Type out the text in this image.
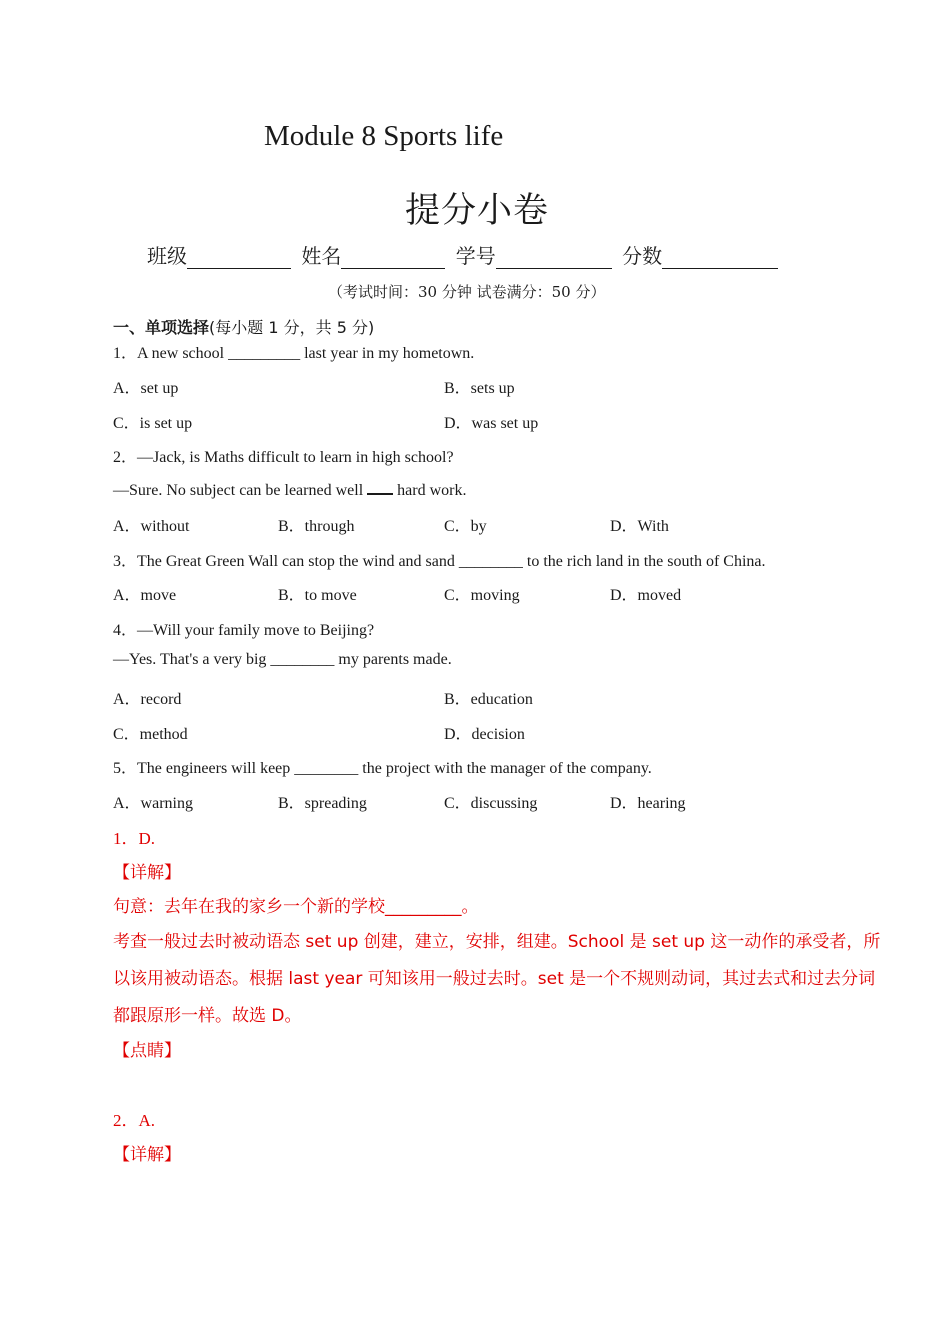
Module 8 Sports life
提分小卷
班级	姓名	学号	分数
（考试时间：30 分钟 试卷满分：50 分）
一、单项选择(每小题 1 分，共 5 分)
1．A new school _________ last year in my hometown.
A．set up	B．sets up
C．is set up	D．was set up
2．—Jack, is Maths difficult to learn in high school?
—Sure. No subject can be learned well  hard work.
A．without	B．through	C．by	D．With
3．The Great Green Wall can stop the wind and sand ________ to the rich land in the south of China.
A．move	B．to move	C．moving	D．moved
4．—Will your family move to Beijing?
—Yes. That's a very big ________ my parents made.
A．record	B．education
C．method	D．decision
5．The engineers will keep ________ the project with the manager of the company.
A．warning	B．spreading	C．discussing	D．hearing
1．D.
【详解】
句意：去年在我的家乡一个新的学校_________。
考查一般过去时被动语态 set up 创建，建立，安排，组建。School 是 set up 这一动作的承受者，所
以该用被动语态。根据 last year 可知该用一般过去时。set 是一个不规则动词，其过去式和过去分词
都跟原形一样。故选 D。
【点睛】
2．A.
【详解】
